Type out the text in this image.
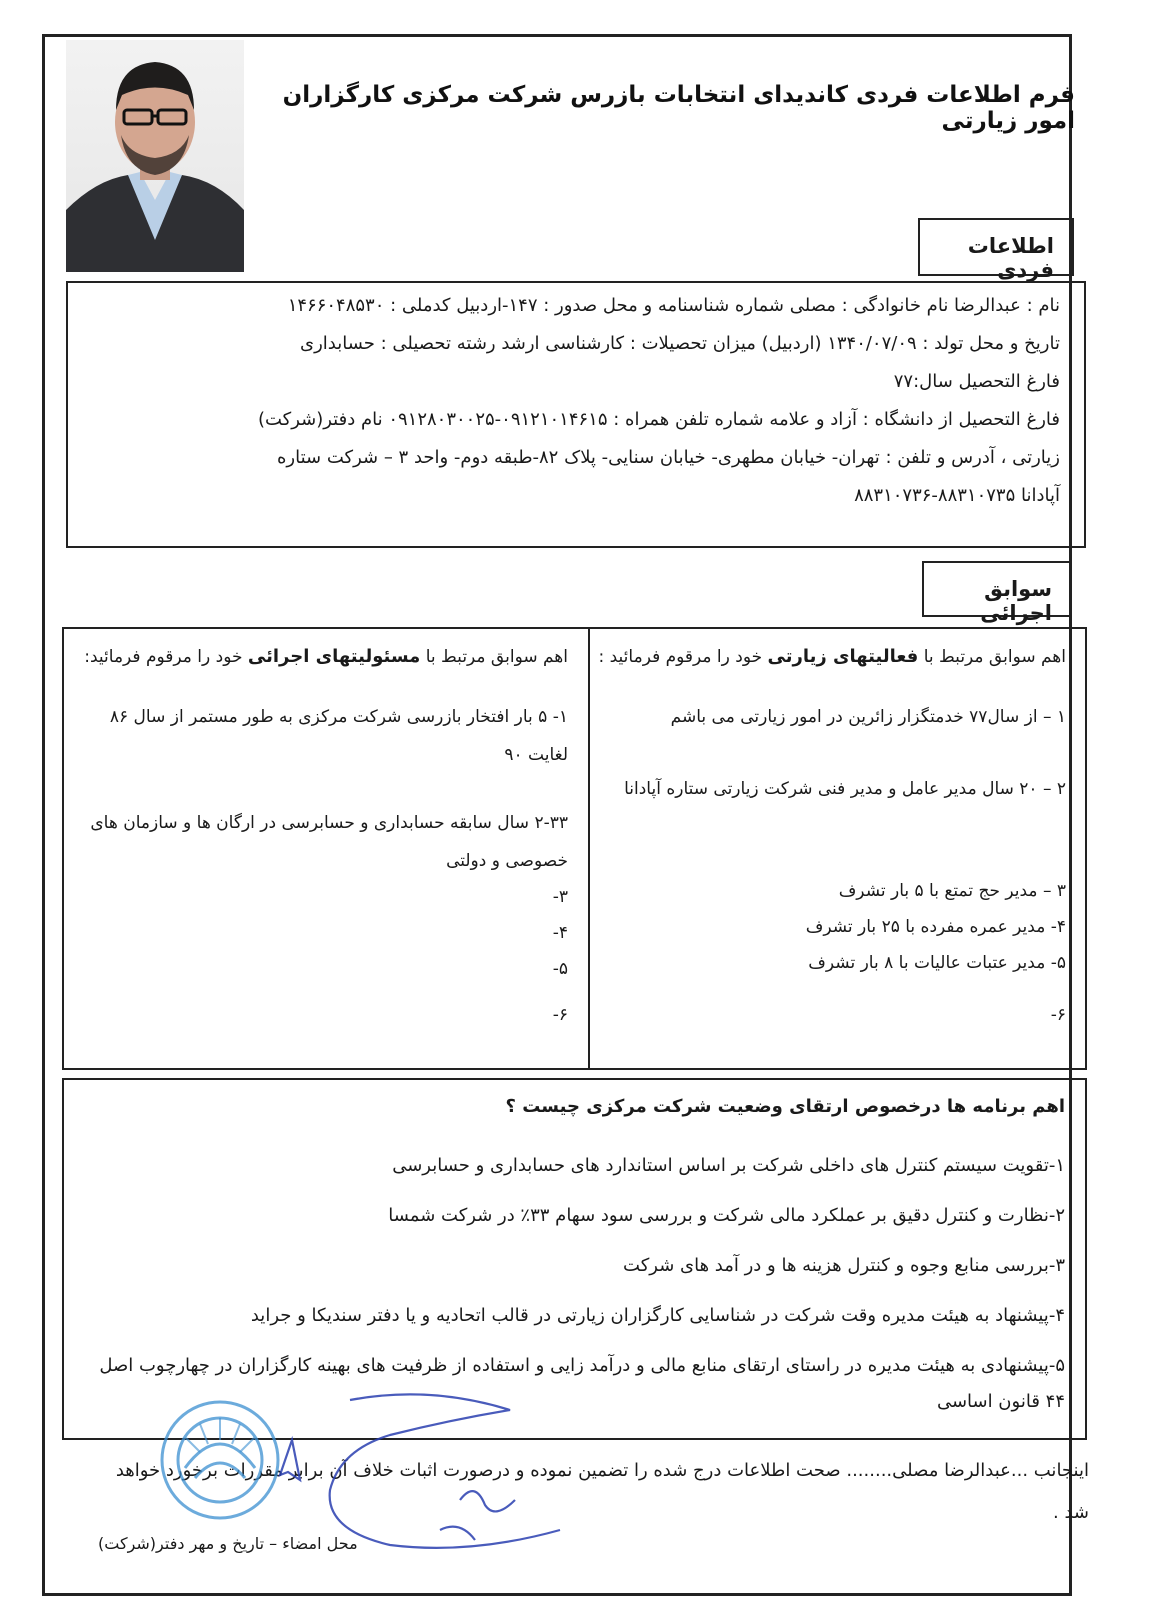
فرم اطلاعات فردی کاندیدای انتخابات بازرس شرکت مرکزی کارگزاران امور زیارتی
اطلاعات فردی
نام : عبدالرضا نام خانوادگی : مصلی شماره شناسنامه و محل صدور : ۱۴۷-اردبیل کدملی : ۱۴۶۶۰۴۸۵۳۰
تاریخ و محل تولد : ۱۳۴۰/۰۷/۰۹ (اردبیل) میزان تحصیلات : کارشناسی ارشد رشته تحصیلی : حسابداری
فارغ التحصیل سال:۷۷
فارغ التحصیل از دانشگاه : آزاد و علامه شماره تلفن همراه : ۰۹۱۲۱۰۱۴۶۱۵-۰۹۱۲۸۰۳۰۰۲۵ نام دفتر(شرکت)
زیارتی ، آدرس و تلفن : تهران- خیابان مطهری- خیابان سنایی- پلاک ۸۲-طبقه دوم- واحد ۳ – شرکت ستاره
آپادانا ۸۸۳۱۰۷۳۵-۸۸۳۱۰۷۳۶
سوابق اجرائی
اهم سوابق مرتبط با فعالیتهای زیارتی خود را مرقوم فرمائید :
۱ – از سال۷۷ خدمتگزار زائرین در امور زیارتی می باشم
۲ – ۲۰ سال مدیر عامل و مدیر فنی شرکت زیارتی ستاره آپادانا
۳ – مدیر حج تمتع با ۵ بار تشرف
۴- مدیر عمره مفرده با ۲۵ بار تشرف
۵- مدیر عتبات عالیات با ۸ بار تشرف
۶-
اهم سوابق مرتبط با مسئولیتهای اجرائی خود را مرقوم فرمائید:
۱- ۵ بار افتخار بازرسی شرکت مرکزی به طور مستمر از سال ۸۶ لغایت ۹۰
۲-۳۳ سال سابقه حسابداری و حسابرسی در ارگان ها و سازمان های خصوصی و دولتی
۳-
۴-
۵-
۶-
اهم برنامه ها درخصوص ارتقای وضعیت شرکت مرکزی چیست ؟
۱-تقویت سیستم کنترل های داخلی شرکت بر اساس استاندارد های حسابداری و حسابرسی
۲-نظارت و کنترل دقیق بر عملکرد مالی شرکت و بررسی سود سهام ۳۳٪ در شرکت شمسا
۳-بررسی منابع وجوه و کنترل هزینه ها و در آمد های شرکت
۴-پیشنهاد به هیئت مدیره وقت شرکت در شناسایی کارگزاران زیارتی در قالب اتحادیه و یا دفتر سندیکا و جراید
۵-پیشنهادی به هیئت مدیره در راستای ارتقای منابع مالی و درآمد زایی و استفاده از ظرفیت های بهینه کارگزاران در چهارچوب اصل ۴۴ قانون اساسی
اینجانب ...عبدالرضا مصلی........ صحت اطلاعات درج شده را تضمین نموده و درصورت اثبات خلاف آن برابر مقررات برخورد خواهد شد .
محل امضاء – تاریخ و مهر دفتر(شرکت)
